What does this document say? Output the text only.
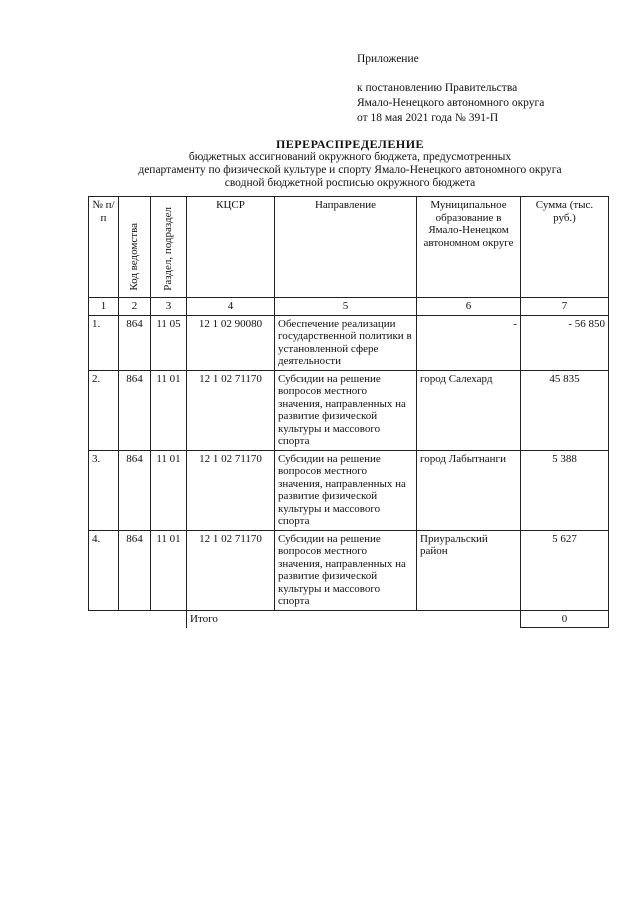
Приложение
к постановлению Правительства
Ямало-Ненецкого автономного округа
от 18 мая 2021 года № 391-П
ПЕРЕРАСПРЕДЕЛЕНИЕ
бюджетных ассигнований окружного бюджета, предусмотренных
департаменту по физической культуре и спорту Ямало-Ненецкого автономного округа
сводной бюджетной росписью окружного бюджета
№ п/п	Код ведомства	Раздел, подраздел	КЦСР	Направление	Муниципальное образование в Ямало-Ненецком автономном округе	Сумма (тыс. руб.)
1	2	3	4	5	6	7
1.	864	11 05	12 1 02 90080	Обеспечение реализации государственной политики в установленной сфере деятельности	-	- 56 850
2.	864	11 01	12 1 02 71170	Субсидии на решение вопросов местного значения, направленных на развитие физической культуры и массового спорта	город Салехард	45 835
3.	864	11 01	12 1 02 71170	Субсидии на решение вопросов местного значения, направленных на развитие физической культуры и массового спорта	город Лабытнанги	5 388
4.	864	11 01	12 1 02 71170	Субсидии на решение вопросов местного значения, направленных на развитие физической культуры и массового спорта	Приуральский район	5 627
			Итого			0
